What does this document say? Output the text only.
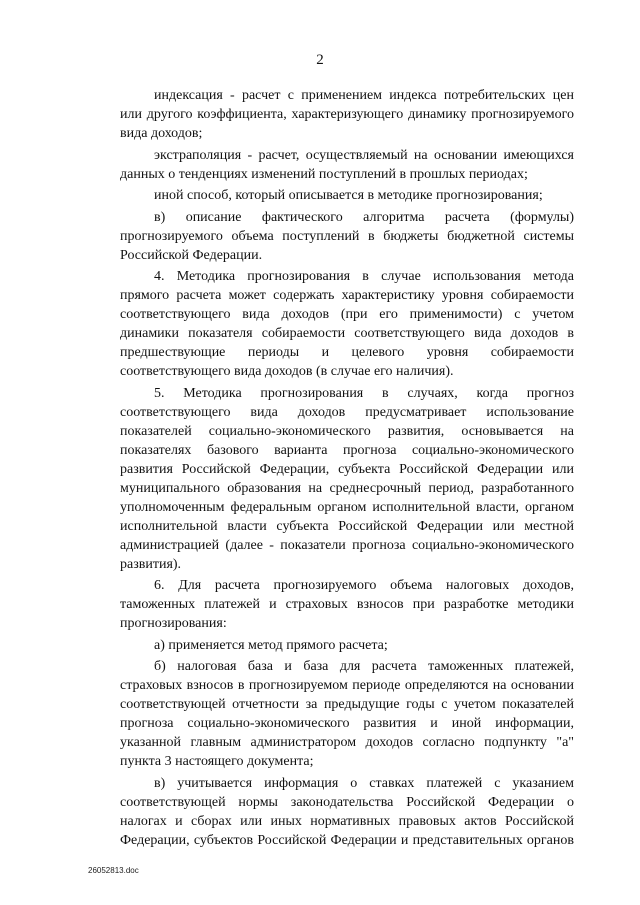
2

индексация - расчет с применением индекса потребительских цен
или другого коэффициента, характеризующего динамику прогнозируемого
вида доходов;

экстраполяция - расчет, осуществляемый на основании имеющихся
данных о тенденциях изменений поступлений в прошлых периодах;

иной способ, который описывается в методике прогнозирования;

в) описание фактического алгоритма расчета (формулы)
прогнозируемого объема поступлений в бюджеты бюджетной системы
Российской Федерации.

4. Методика прогнозирования в случае использования метода
прямого расчета может содержать характеристику уровня собираемости
соответствующего вида доходов (при его применимости) с учетом
динамики показателя собираемости соответствующего вида доходов в
предшествующие периоды и целевого уровня собираемости
соответствующего вида доходов (в случае его наличия).

5. Методика прогнозирования в случаях, когда прогноз
соответствующего вида доходов предусматривает использование
показателей социально-экономического развития, основывается на
показателях базового варианта прогноза социально-экономического
развития Российской Федерации, субъекта Российской Федерации или
муниципального образования на среднесрочный период, разработанного
уполномоченным федеральным органом исполнительной власти, органом
исполнительной власти субъекта Российской Федерации или местной
администрацией (далее - показатели прогноза социально-экономического
развития).

6. Для расчета прогнозируемого объема налоговых доходов,
таможенных платежей и страховых взносов при разработке методики
прогнозирования:

а) применяется метод прямого расчета;

б) налоговая база и база для расчета таможенных платежей,
страховых взносов в прогнозируемом периоде определяются на основании
соответствующей отчетности за предыдущие годы с учетом показателей
прогноза социально-экономического развития и иной информации,
указанной главным администратором доходов согласно подпункту "а"
пункта 3 настоящего документа;

в) учитывается информация о ставках платежей с указанием
соответствующей нормы законодательства Российской Федерации о
налогах и сборах или иных нормативных правовых актов Российской
Федерации, субъектов Российской Федерации и представительных органов

26052813.doc
